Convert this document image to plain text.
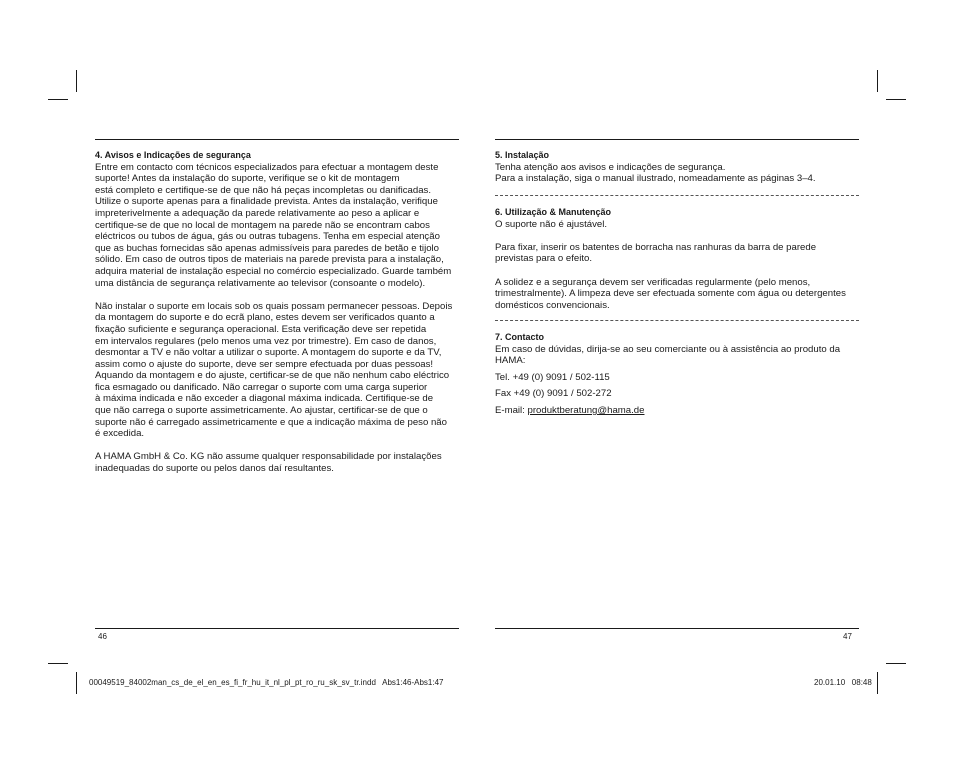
4. Avisos e Indicações de segurança

Entre em contacto com técnicos especializados para efectuar a montagem deste
suporte! Antes da instalação do suporte, verifique se o kit de montagem
está completo e certifique-se de que não há peças incompletas ou danificadas.
Utilize o suporte apenas para a finalidade prevista. Antes da instalação, verifique
impreterivelmente a adequação da parede relativamente ao peso a aplicar e
certifique-se de que no local de montagem na parede não se encontram cabos
eléctricos ou tubos de água, gás ou outras tubagens. Tenha em especial atenção
que as buchas fornecidas são apenas admissíveis para paredes de betão e tijolo
sólido. Em caso de outros tipos de materiais na parede prevista para a instalação,
adquira material de instalação especial no comércio especializado. Guarde também
uma distância de segurança relativamente ao televisor (consoante o modelo).

Não instalar o suporte em locais sob os quais possam permanecer pessoas. Depois
da montagem do suporte e do ecrã plano, estes devem ser verificados quanto a
fixação suficiente e segurança operacional. Esta verificação deve ser repetida
em intervalos regulares (pelo menos uma vez por trimestre). Em caso de danos,
desmontar a TV e não voltar a utilizar o suporte. A montagem do suporte e da TV,
assim como o ajuste do suporte, deve ser sempre efectuada por duas pessoas!
Aquando da montagem e do ajuste, certificar-se de que não nenhum cabo eléctrico
fica esmagado ou danificado. Não carregar o suporte com uma carga superior
à máxima indicada e não exceder a diagonal máxima indicada. Certifique-se de
que não carrega o suporte assimetricamente. Ao ajustar, certificar-se de que o
suporte não é carregado assimetricamente e que a indicação máxima de peso não
é excedida.

A HAMA GmbH & Co. KG não assume qualquer responsabilidade por instalações
inadequadas do suporte ou pelos danos daí resultantes.

5. Instalação

Tenha atenção aos avisos e indicações de segurança.
Para a instalação, siga o manual ilustrado, nomeadamente as páginas 3–4.

6. Utilização & Manutenção

O suporte não é ajustável.

Para fixar, inserir os batentes de borracha nas ranhuras da barra de parede
previstas para o efeito.

A solidez e a segurança devem ser verificadas regularmente (pelo menos,
trimestralmente). A limpeza deve ser efectuada somente com água ou detergentes
domésticos convencionais.

7. Contacto

Em caso de dúvidas, dirija-se ao seu comerciante ou à assistência ao produto da
HAMA:

Tel. +49 (0) 9091 / 502-115
Fax +49 (0) 9091 / 502-272
E-mail: produktberatung@hama.de
46	47
00049519_84002man_cs_de_el_en_es_fi_fr_hu_it_nl_pl_pt_ro_ru_sk_sv_tr.indd   Abs1:46-Abs1:47	20.01.10   08:48
